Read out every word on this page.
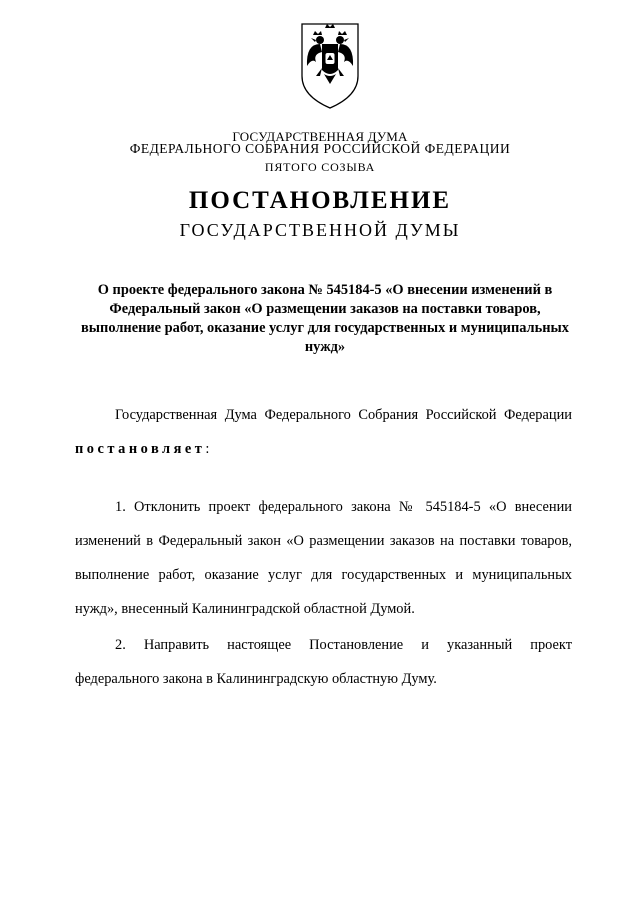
ГОСУДАРСТВЕННАЯ ДУМА
ФЕДЕРАЛЬНОГО СОБРАНИЯ РОССИЙСКОЙ ФЕДЕРАЦИИ
ПЯТОГО СОЗЫВА
ПОСТАНОВЛЕНИЕ
ГОСУДАРСТВЕННОЙ ДУМЫ
О проекте федерального закона № 545184-5 «О внесении изменений в Федеральный закон «О размещении заказов на поставки товаров, выполнение работ, оказание услуг для государственных и муниципальных нужд»
Государственная Дума Федерального Собрания Российской Федерации постановляет:
1. Отклонить проект федерального закона № 545184-5 «О внесении изменений в Федеральный закон «О размещении заказов на поставки товаров, выполнение работ, оказание услуг для государственных и муниципальных нужд», внесенный Калининградской областной Думой.
2. Направить настоящее Постановление и указанный проект федерального закона в Калининградскую областную Думу.
